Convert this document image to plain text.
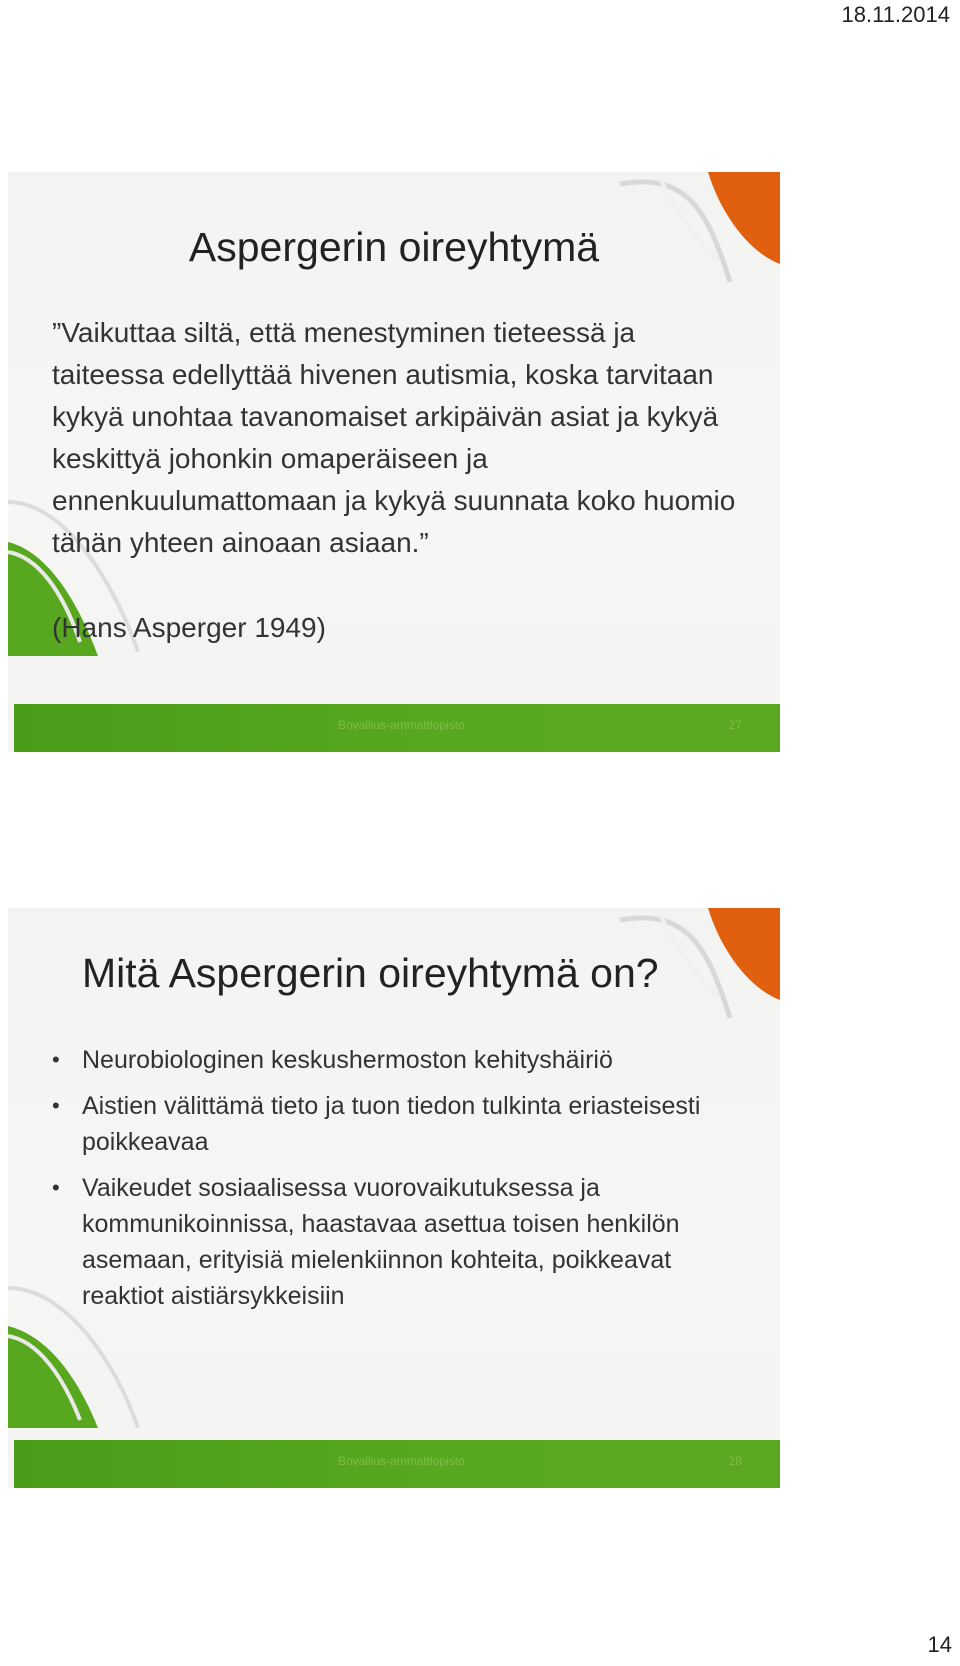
18.11.2014
Aspergerin oireyhtymä

”Vaikuttaa siltä, että menestyminen tieteessä ja taiteessa edellyttää hivenen autismia, koska tarvitaan kykyä unohtaa tavanomaiset arkipäivän asiat ja kykyä keskittyä johonkin omaperäiseen ja ennenkuulumattomaan ja kykyä suunnata koko huomio tähän yhteen ainoaan asiaan.”

(Hans Asperger 1949)

Bovallius-ammattiopisto	27
Mitä Aspergerin oireyhtymä on?
• Neurobiologinen keskushermoston kehityshäiriö
• Aistien välittämä tieto ja tuon tiedon tulkinta eriasteisesti poikkeavaa
• Vaikeudet sosiaalisessa vuorovaikutuksessa ja kommunikoinnissa, haastavaa asettua toisen henkilön asemaan, erityisiä mielenkiinnon kohteita, poikkeavat reaktiot aistiärsykkeisiin
Bovallius-ammattiopisto	28
14
